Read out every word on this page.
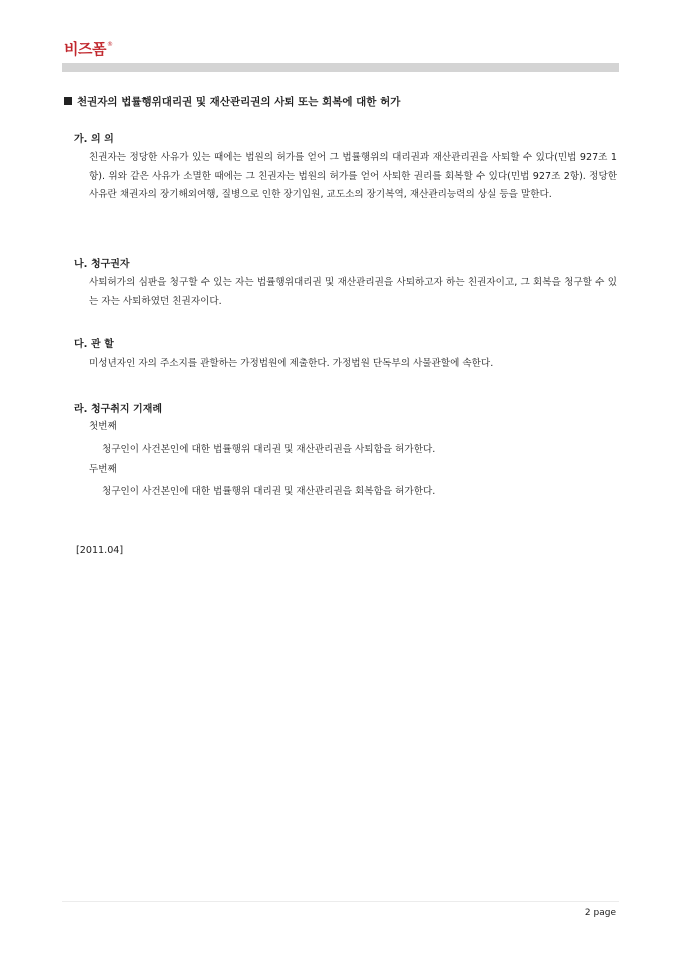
비즈폼 ®
천권자의 법률행위대리권 및 재산관리권의 사퇴 또는 회복에 대한 허가
가. 의 의
친권자는 정당한 사유가 있는 때에는 법원의 허가를 얻어 그 법률행위의 대리권과 재산관리권을 사퇴할 수 있다(민법 927조 1항). 위와 같은 사유가 소멸한 때에는 그 친권자는 법원의 허가를 얻어 사퇴한 권리를 회복할 수 있다(민법 927조 2항). 정당한 사유란 채권자의 장기해외여행, 질병으로 인한 장기입원, 교도소의 장기복역, 재산관리능력의 상실 등을 말한다.
나. 청구권자
사퇴허가의 심판을 청구할 수 있는 자는 법률행위대리권 및 재산관리권을 사퇴하고자 하는 친권자이고, 그 회복을 청구할 수 있는 자는 사퇴하였던 친권자이다.
다. 관 할
미성년자인 자의 주소지를 관할하는 가정법원에 제출한다. 가정법원 단독부의 사물관할에 속한다.
라. 청구취지 기재례
첫번째
청구인이 사건본인에 대한 법률행위 대리권 및 재산관리권을 사퇴함을 허가한다.
두번째
청구인이 사건본인에 대한 법률행위 대리권 및 재산관리권을 회복함을 허가한다.
[2011.04]
2 page
